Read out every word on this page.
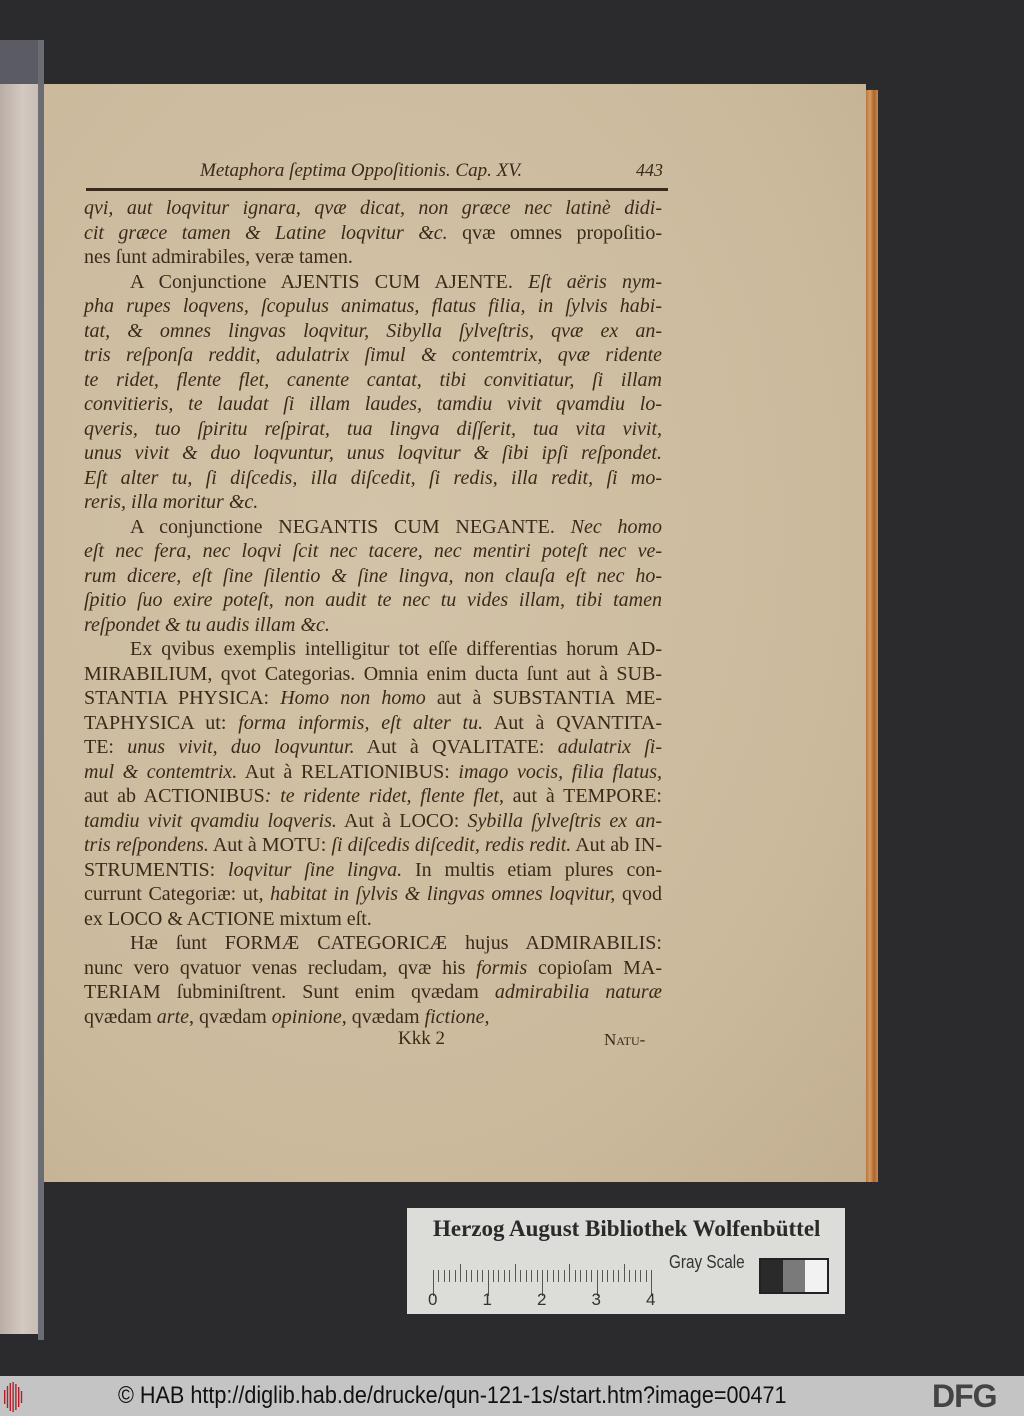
Metaphora ſeptima Oppoſitionis. Cap. XV.	443
qvi, aut loqvitur ignara, qvæ dicat, non græce nec latinè didi-
cit græce tamen & Latine loqvitur &c. qvæ omnes propoſitio-
nes ſunt admirabiles, veræ tamen.
A Conjunctione AJENTIS CUM AJENTE. Eſt aëris nym-
pha rupes loqvens, ſcopulus animatus, flatus filia, in ſylvis habi-
tat, & omnes lingvas loqvitur, Sibylla ſylveſtris, qvæ ex an-
tris reſponſa reddit, adulatrix ſimul & contemtrix, qvæ ridente
te ridet, flente flet, canente cantat, tibi convitiatur, ſi illam
convitieris, te laudat ſi illam laudes, tamdiu vivit qvamdiu lo-
qveris, tuo ſpiritu reſpirat, tua lingva diſſerit, tua vita vivit,
unus vivit & duo loqvuntur, unus loqvitur & ſibi ipſi reſpondet.
Eſt alter tu, ſi diſcedis, illa diſcedit, ſi redis, illa redit, ſi mo-
reris, illa moritur &c.
A conjunctione NEGANTIS CUM NEGANTE. Nec homo
eſt nec fera, nec loqvi ſcit nec tacere, nec mentiri poteſt nec ve-
rum dicere, eſt ſine ſilentio & ſine lingva, non clauſa eſt nec ho-
ſpitio ſuo exire poteſt, non audit te nec tu vides illam, tibi tamen
reſpondet & tu audis illam &c.
Ex qvibus exemplis intelligitur tot eſſe differentias horum AD-
MIRABILIUM, qvot Categorias. Omnia enim ducta ſunt aut à SUB-
STANTIA PHYSICA: Homo non homo aut à SUBSTANTIA ME-
TAPHYSICA ut: forma informis, eſt alter tu. Aut à QVANTITA-
TE: unus vivit, duo loqvuntur. Aut à QVALITATE: adulatrix ſi-
mul & contemtrix. Aut à RELATIONIBUS: imago vocis, filia flatus,
aut ab ACTIONIBUS: te ridente ridet, flente flet, aut à TEMPORE:
tamdiu vivit qvamdiu loqveris. Aut à LOCO: Sybilla ſylveſtris ex an-
tris reſpondens. Aut à MOTU: ſi diſcedis diſcedit, redis redit. Aut ab IN-
STRUMENTIS: loqvitur ſine lingva. In multis etiam plures con-
currunt Categoriæ: ut, habitat in ſylvis & lingvas omnes loqvitur, qvod
ex LOCO & ACTIONE mixtum eſt.
Hæ ſunt FORMÆ CATEGORICÆ hujus ADMIRABILIS:
nunc vero qvatuor venas recludam, qvæ his formis copioſam MA-
TERIAM ſubminiſtrent. Sunt enim qvædam admirabilia naturæ
qvædam arte, qvædam opinione, qvædam fictione,
Kkk 2	Natu-
Herzog August Bibliothek Wolfenbüttel
0	1	2	3	4
Gray Scale
© HAB http://diglib.hab.de/drucke/qun-121-1s/start.htm?image=00471	DFG
